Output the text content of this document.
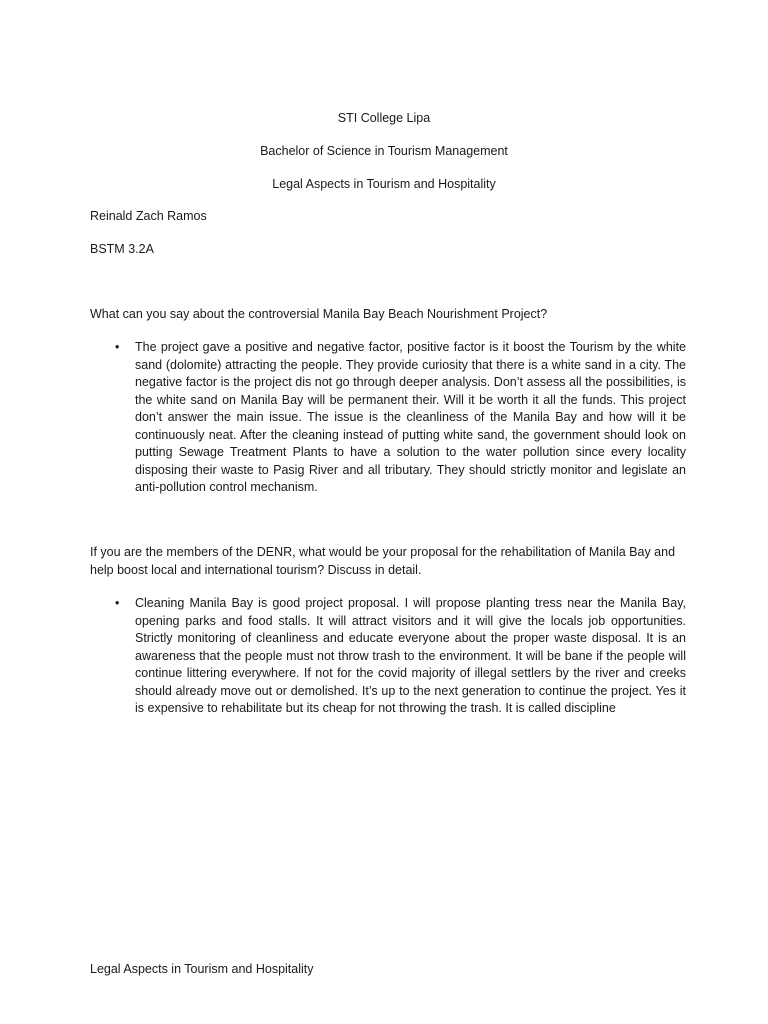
STI College Lipa
Bachelor of Science in Tourism Management
Legal Aspects in Tourism and Hospitality
Reinald Zach Ramos
BSTM 3.2A
What can you say about the controversial Manila Bay Beach Nourishment Project?
• The project gave a positive and negative factor, positive factor is it boost the Tourism by the white sand (dolomite) attracting the people. They provide curiosity that there is a white sand in a city. The negative factor is the project dis not go through deeper analysis. Don’t assess all the possibilities, is the white sand on Manila Bay will be permanent their. Will it be worth it all the funds. This project don’t answer the main issue. The issue is the cleanliness of the Manila Bay and how will it be continuously neat. After the cleaning instead of putting white sand, the government should look on putting Sewage Treatment Plants to have a solution to the water pollution since every locality disposing their waste to Pasig River and all tributary. They should strictly monitor and legislate an anti-pollution control mechanism.
If you are the members of the DENR, what would be your proposal for the rehabilitation of Manila Bay and help boost local and international tourism? Discuss in detail.
• Cleaning Manila Bay is good project proposal. I will propose planting tress near the Manila Bay, opening parks and food stalls. It will attract visitors and it will give the locals job opportunities. Strictly monitoring of cleanliness and educate everyone about the proper waste disposal. It is an awareness that the people must not throw trash to the environment. It will be bane if the people will continue littering everywhere. If not for the covid majority of illegal settlers by the river and creeks should already move out or demolished. It’s up to the next generation to continue the project. Yes it is expensive to rehabilitate but its cheap for not throwing the trash. It is called discipline
Legal Aspects in Tourism and Hospitality
